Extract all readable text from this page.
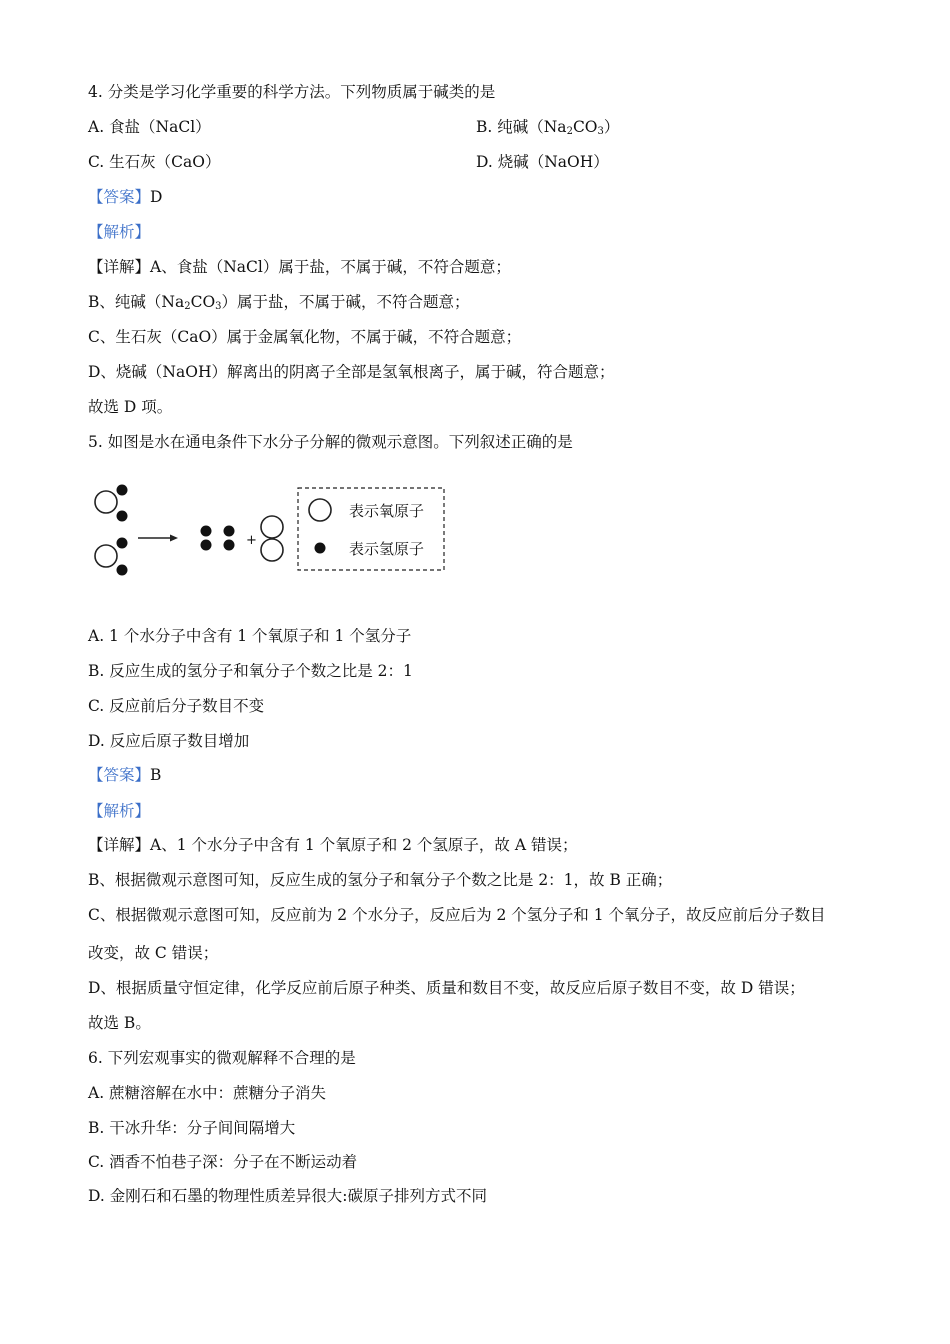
4. 分类是学习化学重要的科学方法。下列物质属于碱类的是
A. 食盐（NaCl）	B. 纯碱$(Na_2CO_3)$
C. 生石灰（CaO）	D. 烧碱（NaOH）
【答案】D
【解析】
【详解】A、食盐（NaCl）属于盐，不属于碱，不符合题意；
B、纯碱$(Na_2CO_3)$属于盐，不属于碱，不符合题意；
C、生石灰（CaO）属于金属氧化物，不属于碱，不符合题意；
D、烧碱（NaOH）解离出的阴离子全部是氢氧根离子，属于碱，符合题意；
故选 D 项。
5. 如图是水在通电条件下水分子分解的微观示意图。下列叙述正确的是
+
表示氧原子
表示氢原子
A. 1 个水分子中含有 1 个氧原子和 1 个氢分子
B. 反应生成的氢分子和氧分子个数之比是 2：1
C. 反应前后分子数目不变
D. 反应后原子数目增加
【答案】B
【解析】
【详解】A、1 个水分子中含有 1 个氧原子和 2 个氢原子，故 A 错误；
B、根据微观示意图可知，反应生成的氢分子和氧分子个数之比是 2：1，故 B 正确；
C、根据微观示意图可知，反应前为 2 个水分子，反应后为 2 个氢分子和 1 个氧分子，故反应前后分子数目
改变，故 C 错误；
D、根据质量守恒定律，化学反应前后原子种类、质量和数目不变，故反应后原子数目不变，故 D 错误；
故选 B。
6. 下列宏观事实的微观解释不合理的是
A. 蔗糖溶解在水中：蔗糖分子消失
B. 干冰升华：分子间间隔增大
C. 酒香不怕巷子深：分子在不断运动着
D. 金刚石和石墨的物理性质差异很大:碳原子排列方式不同
